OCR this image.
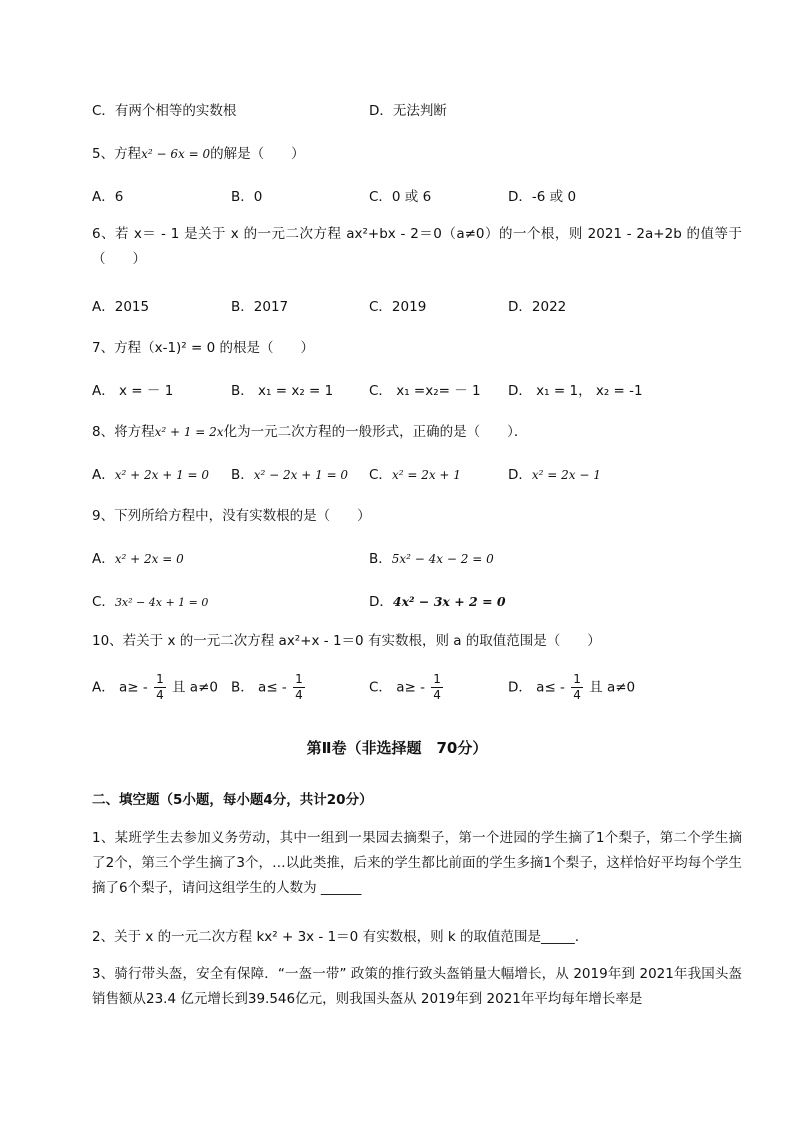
C．有两个相等的实数根	D．无法判断
5、方程x² − 6x = 0的解是（　　）
A．6	B．0	C．0 或 6	D．-6 或 0
6、若 x＝ - 1 是关于 x 的一元二次方程 ax²+bx - 2＝0（a≠0）的一个根，则 2021 - 2a+2b 的值等于（　　）
A．2015	B．2017	C．2019	D．2022
7、方程（x-1)² = 0 的根是（　　）
A． x = － 1	B． x₁ = x₂ = 1	C． x₁ =x₂= － 1 D． x₁ = 1， x₂ = -1
8、将方程x² + 1 = 2x化为一元二次方程的一般形式，正确的是（　　）．
A．x² + 2x + 1 = 0 B．x² − 2x + 1 = 0 C．x² = 2x + 1	D．x² = 2x − 1
9、下列所给方程中，没有实数根的是（　　）
A．x² + 2x = 0	B．5x² − 4x − 2 = 0
C．3x² − 4x + 1 = 0	D．4x² − 3x + 2 = 0
10、若关于 x 的一元二次方程 ax²+x - 1＝0 有实数根，则 a 的取值范围是（　　）
A． $a\ge - \frac{1}{4}$ 且 a≠0 B． $a\le - \frac{1}{4}$	C． $a\ge - \frac{1}{4}$	D． $a\le - \frac{1}{4}$ 且 a≠0
第Ⅱ卷（非选择题　70分）
二、填空题（5小题，每小题4分，共计20分）
1、某班学生去参加义务劳动，其中一组到一果园去摘梨子，第一个进园的学生摘了1个梨子，第二个学生摘了2个，第三个学生摘了3个，…以此类推，后来的学生都比前面的学生多摘1个梨子，这样恰好平均每个学生摘了6个梨子，请问这组学生的人数为 ______
2、关于 x 的一元二次方程 kx² + 3x - 1＝0 有实数根，则 k 的取值范围是_____.
3、骑行带头盔，安全有保障．“一盔一带” 政策的推行致头盔销量大幅增长，从 2019年到 2021年我国头盔销售额从23.4 亿元增长到39.546亿元，则我国头盔从 2019年到 2021年平均每年增长率是
